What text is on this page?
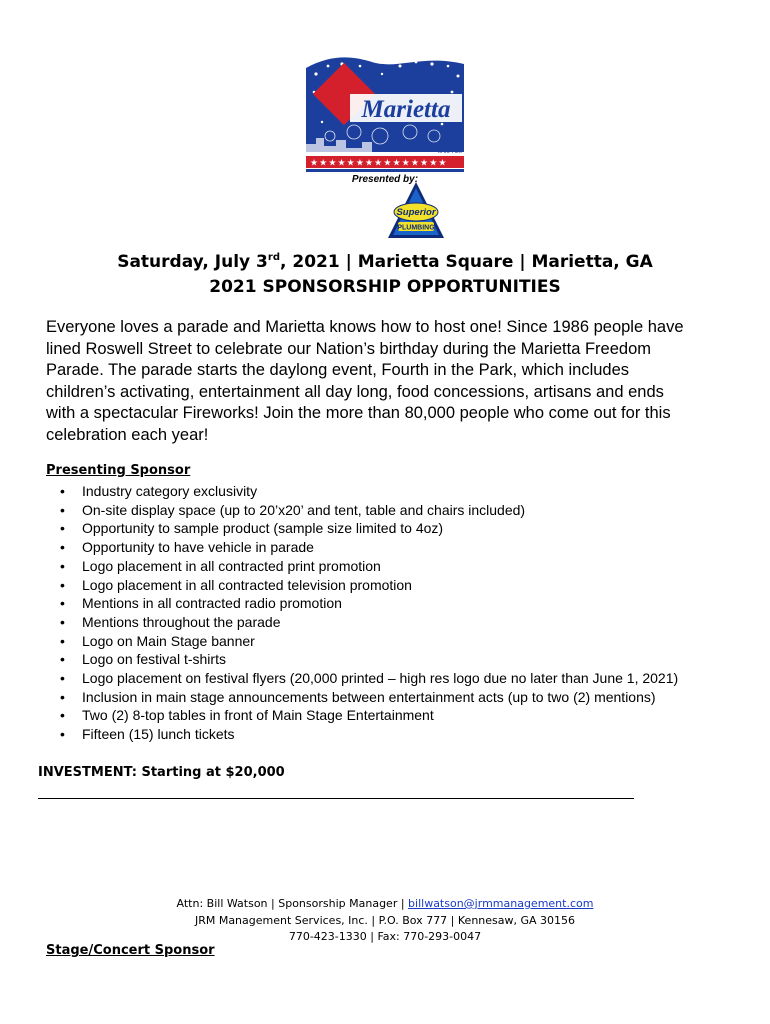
Marietta
4th in the Park
★★★★★★★★★★★★★★★
Presented by:
Superior
PLUMBING
Saturday, July 3rd, 2021 | Marietta Square | Marietta, GA
2021 SPONSORSHIP OPPORTUNITIES
Everyone loves a parade and Marietta knows how to host one! Since 1986 people have
lined Roswell Street to celebrate our Nation’s birthday during the Marietta Freedom
Parade. The parade starts the daylong event, Fourth in the Park, which includes
children’s activating, entertainment all day long, food concessions, artisans and ends
with a spectacular Fireworks! Join the more than 80,000 people who come out for this
celebration each year!
Presenting Sponsor
• Industry category exclusivity
• On-site display space (up to 20’x20’ and tent, table and chairs included)
• Opportunity to sample product (sample size limited to 4oz)
• Opportunity to have vehicle in parade
• Logo placement in all contracted print promotion
• Logo placement in all contracted television promotion
• Mentions in all contracted radio promotion
• Mentions throughout the parade
• Logo on Main Stage banner
• Logo on festival t-shirts
• Logo placement on festival flyers (20,000 printed – high res logo due no later than June 1, 2021)
• Inclusion in main stage announcements between entertainment acts (up to two (2) mentions)
• Two (2) 8-top tables in front of Main Stage Entertainment
• Fifteen (15) lunch tickets
INVESTMENT: Starting at $20,000
Attn: Bill Watson | Sponsorship Manager | billwatson@jrmmanagement.com
JRM Management Services, Inc. | P.O. Box 777 | Kennesaw, GA 30156
770-423-1330 | Fax: 770-293-0047
Stage/Concert Sponsor
